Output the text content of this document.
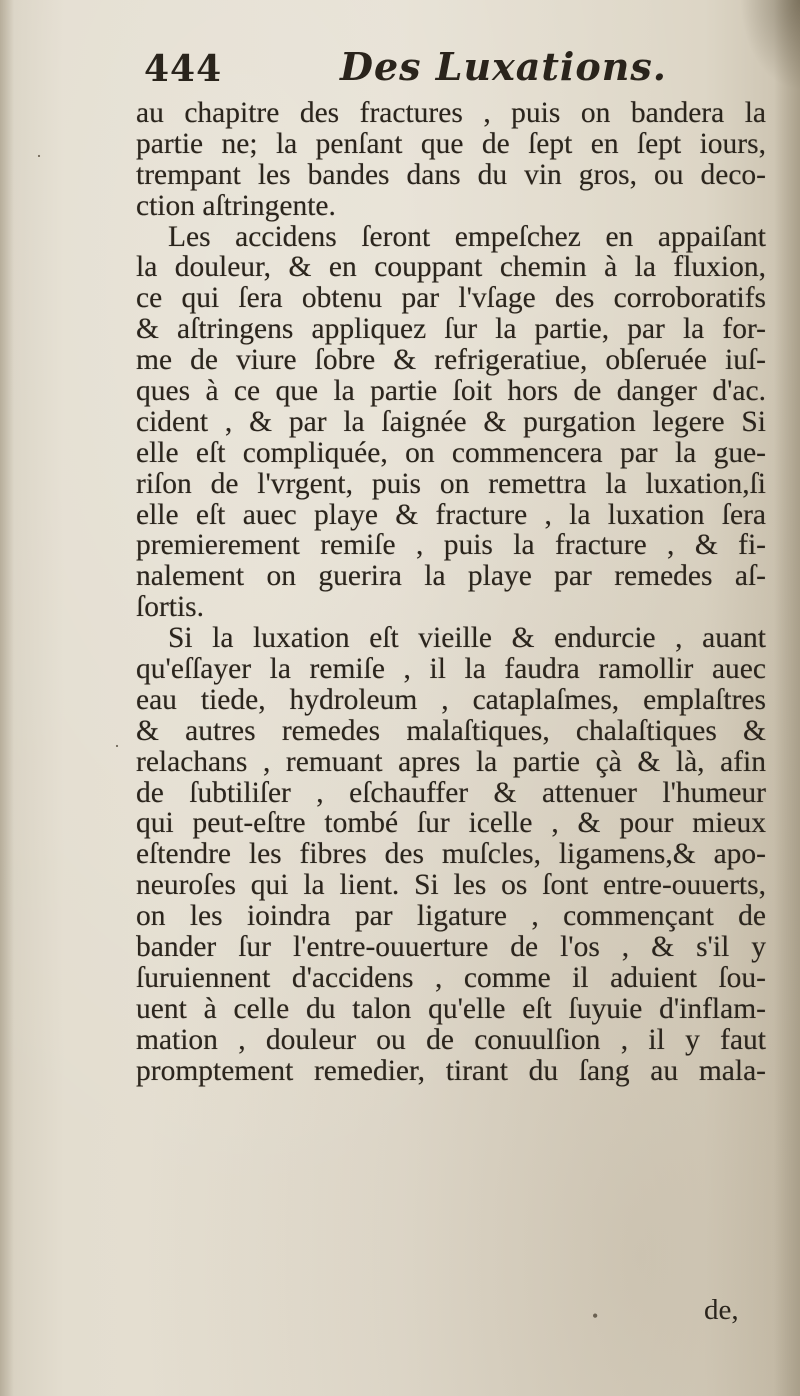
444	Des Luxations.
au chapitre des fractures , puis on bandera la
partie ne; la penſant que de ſept en ſept iours,
trempant les bandes dans du vin gros, ou deco-
ction aſtringente.
Les accidens ſeront empeſchez en appaiſant
la douleur, & en couppant chemin à la fluxion,
ce qui ſera obtenu par l'vſage des corroboratifs
& aſtringens appliquez ſur la partie, par la for-
me de viure ſobre & refrigeratiue, obſeruée iuſ-
ques à ce que la partie ſoit hors de danger d'ac.
cident , & par la ſaignée & purgation legere Si
elle eſt compliquée, on commencera par la gue-
riſon de l'vrgent, puis on remettra la luxation,ſi
elle eſt auec playe & fracture , la luxation ſera
premierement remiſe , puis la fracture , & fi-
nalement on guerira la playe par remedes aſ-
ſortis.
Si la luxation eſt vieille & endurcie , auant
qu'eſſayer la remiſe , il la faudra ramollir auec
eau tiede, hydroleum , cataplaſmes, emplaſtres
& autres remedes malaſtiques, chalaſtiques &
relachans , remuant apres la partie çà & là, afin
de ſubtiliſer , eſchauffer & attenuer l'humeur
qui peut-eſtre tombé ſur icelle , & pour mieux
eſtendre les fibres des muſcles, ligamens,& apo-
neuroſes qui la lient. Si les os ſont entre-ouuerts,
on les ioindra par ligature , commençant de
bander ſur l'entre-ouuerture de l'os , & s'il y
ſuruiennent d'accidens , comme il aduient ſou-
uent à celle du talon qu'elle eſt ſuyuie d'inflam-
mation , douleur ou de conuulſion , il y faut
promptement remedier, tirant du ſang au mala-
de,
·
·
•
